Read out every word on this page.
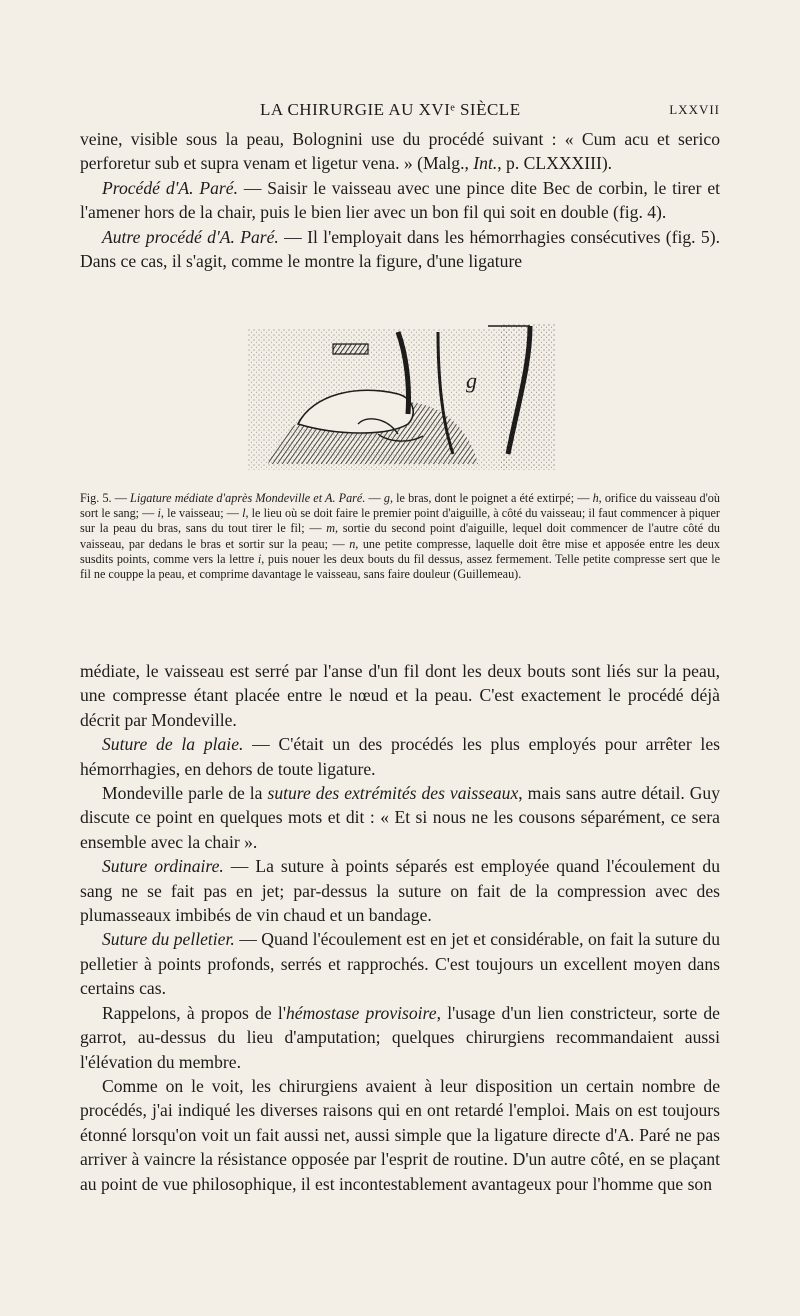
LA CHIRURGIE AU XVIᵉ SIÈCLE	LXXVII

veine, visible sous la peau, Bolognini use du procédé suivant : « Cum acu et serico perforetur sub et supra venam et ligetur vena. » (Malg., Int., p. CLXXXIII).

Procédé d'A. Paré. — Saisir le vaisseau avec une pince dite Bec de corbin, le tirer et l'amener hors de la chair, puis le bien lier avec un bon fil qui soit en double (fig. 4).

Autre procédé d'A. Paré. — Il l'employait dans les hémorrhagies consécutives (fig. 5). Dans ce cas, il s'agit, comme le montre la figure, d'une ligature

g

Fig. 5. — Ligature médiate d'après Mondeville et A. Paré. — g, le bras, dont le poignet a été extirpé; — h, orifice du vaisseau d'où sort le sang; — i, le vaisseau; — l, le lieu où se doit faire le premier point d'aiguille, à côté du vaisseau; il faut commencer à piquer sur la peau du bras, sans du tout tirer le fil; — m, sortie du second point d'aiguille, lequel doit commencer de l'autre côté du vaisseau, par dedans le bras et sortir sur la peau; — n, une petite compresse, laquelle doit être mise et apposée entre les deux susdits points, comme vers la lettre i, puis nouer les deux bouts du fil dessus, assez fermement. Telle petite compresse sert que le fil ne couppe la peau, et comprime davantage le vaisseau, sans faire douleur (Guillemeau).

médiate, le vaisseau est serré par l'anse d'un fil dont les deux bouts sont liés sur la peau, une compresse étant placée entre le nœud et la peau. C'est exactement le procédé déjà décrit par Mondeville.

Suture de la plaie. — C'était un des procédés les plus employés pour arrêter les hémorrhagies, en dehors de toute ligature.

Mondeville parle de la suture des extrémités des vaisseaux, mais sans autre détail. Guy discute ce point en quelques mots et dit : « Et si nous ne les cousons séparément, ce sera ensemble avec la chair ».

Suture ordinaire. — La suture à points séparés est employée quand l'écoulement du sang ne se fait pas en jet; par-dessus la suture on fait de la compression avec des plumasseaux imbibés de vin chaud et un bandage.

Suture du pelletier. — Quand l'écoulement est en jet et considérable, on fait la suture du pelletier à points profonds, serrés et rapprochés. C'est toujours un excellent moyen dans certains cas.

Rappelons, à propos de l'hémostase provisoire, l'usage d'un lien constricteur, sorte de garrot, au-dessus du lieu d'amputation; quelques chirurgiens recommandaient aussi l'élévation du membre.

Comme on le voit, les chirurgiens avaient à leur disposition un certain nombre de procédés, j'ai indiqué les diverses raisons qui en ont retardé l'emploi. Mais on est toujours étonné lorsqu'on voit un fait aussi net, aussi simple que la ligature directe d'A. Paré ne pas arriver à vaincre la résistance opposée par l'esprit de routine. D'un autre côté, en se plaçant au point de vue philosophique, il est incontestablement avantageux pour l'homme que son
